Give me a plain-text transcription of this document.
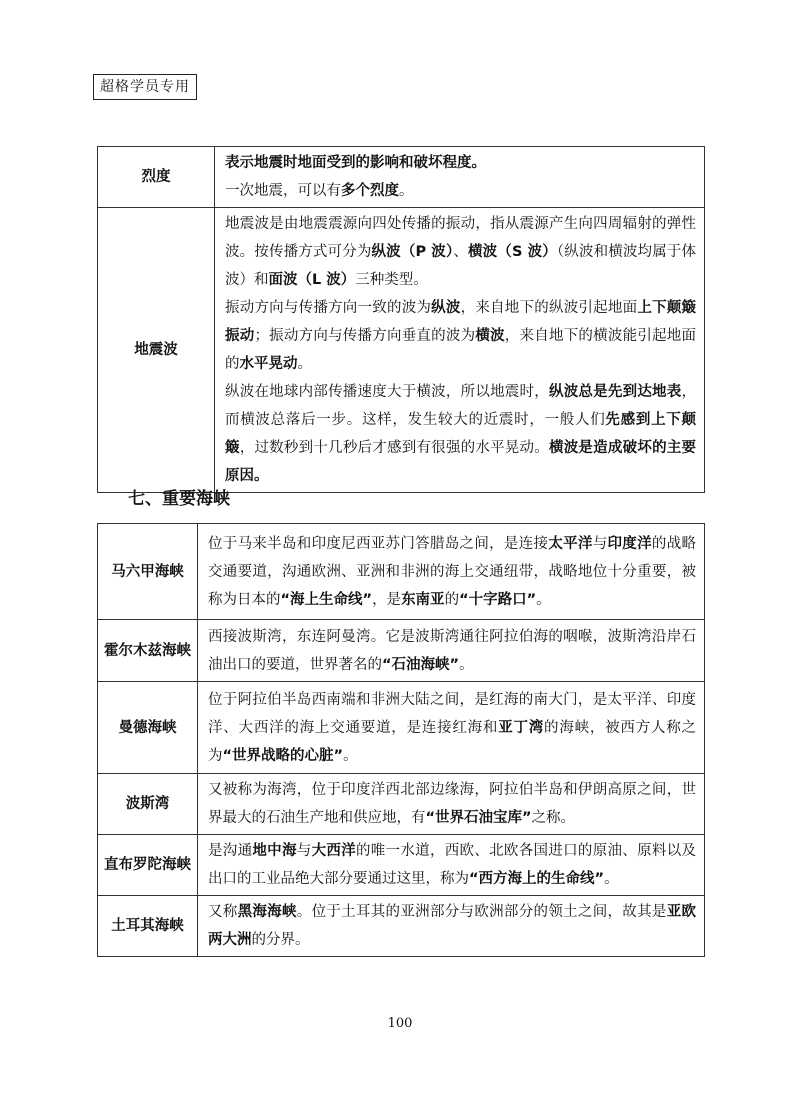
超格学员专用
烈度	表示地震时地面受到的影响和破坏程度。

一次地震，可以有多个烈度。

地震波	地震波是由地震震源向四处传播的振动，指从震源产生向四周辐射的弹性波。按传播方式可分为纵波（P 波）、横波（S 波）（纵波和横波均属于体波）和面波（L 波）三种类型。

振动方向与传播方向一致的波为纵波，来自地下的纵波引起地面上下颠簸振动；振动方向与传播方向垂直的波为横波，来自地下的横波能引起地面的水平晃动。

纵波在地球内部传播速度大于横波，所以地震时，纵波总是先到达地表，而横波总落后一步。这样，发生较大的近震时，一般人们先感到上下颠簸，过数秒到十几秒后才感到有很强的水平晃动。横波是造成破坏的主要原因。

七、重要海峡
马六甲海峡	位于马来半岛和印度尼西亚苏门答腊岛之间，是连接太平洋与印度洋的战略交通要道，沟通欧洲、亚洲和非洲的海上交通纽带，战略地位十分重要，被称为日本的“海上生命线”，是东南亚的“十字路口”。

霍尔木兹海峡	西接波斯湾，东连阿曼湾。它是波斯湾通往阿拉伯海的咽喉，波斯湾沿岸石油出口的要道，世界著名的“石油海峡”。

曼德海峡	位于阿拉伯半岛西南端和非洲大陆之间，是红海的南大门，是太平洋、印度洋、大西洋的海上交通要道，是连接红海和亚丁湾的海峡，被西方人称之为“世界战略的心脏”。

波斯湾	又被称为海湾，位于印度洋西北部边缘海，阿拉伯半岛和伊朗高原之间，世界最大的石油生产地和供应地，有“世界石油宝库”之称。

直布罗陀海峡	是沟通地中海与大西洋的唯一水道，西欧、北欧各国进口的原油、原料以及出口的工业品绝大部分要通过这里，称为“西方海上的生命线”。

土耳其海峡	又称黑海海峡。位于土耳其的亚洲部分与欧洲部分的领土之间，故其是亚欧两大洲的分界。

100
